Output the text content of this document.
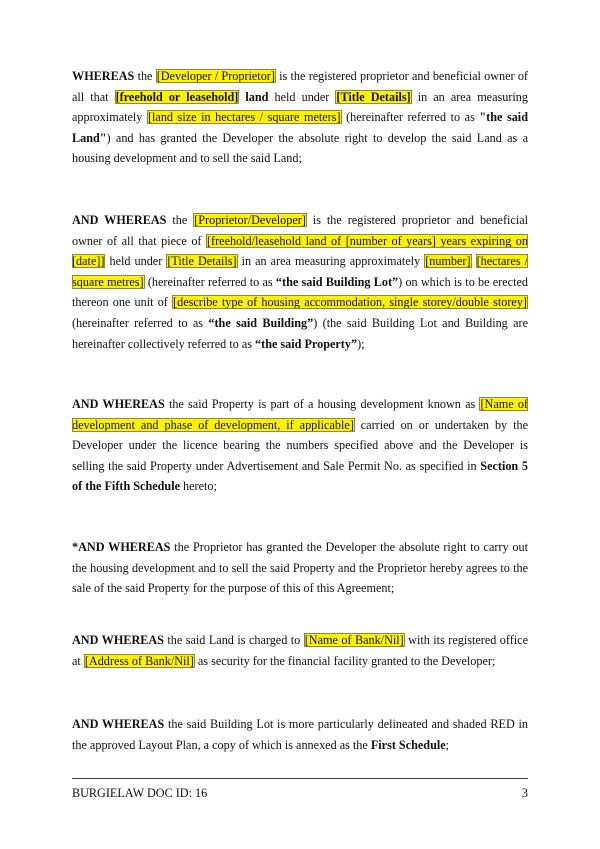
WHEREAS the [Developer / Proprietor] is the registered proprietor and beneficial owner of all that [freehold or leasehold] land held under [Title Details] in an area measuring approximately [land size in hectares / square meters] (hereinafter referred to as "the said Land") and has granted the Developer the absolute right to develop the said Land as a housing development and to sell the said Land;

AND WHEREAS the [Proprietor/Developer] is the registered proprietor and beneficial owner of all that piece of [freehold/leasehold land of [number of years] years expiring on [date]] held under [Title Details] in an area measuring approximately [number] [hectares / square metres] (hereinafter referred to as “the said Building Lot”) on which is to be erected thereon one unit of [describe type of housing accommodation, single storey/double storey] (hereinafter referred to as “the said Building”) (the said Building Lot and Building are hereinafter collectively referred to as “the said Property”);

AND WHEREAS the said Property is part of a housing development known as [Name of development and phase of development, if applicable] carried on or undertaken by the Developer under the licence bearing the numbers specified above and the Developer is selling the said Property under Advertisement and Sale Permit No. as specified in Section 5 of the Fifth Schedule hereto;

*AND WHEREAS the Proprietor has granted the Developer the absolute right to carry out the housing development and to sell the said Property and the Proprietor hereby agrees to the sale of the said Property for the purpose of this of this Agreement;

AND WHEREAS the said Land is charged to [Name of Bank/Nil] with its registered office at [Address of Bank/Nil] as security for the financial facility granted to the Developer;

AND WHEREAS the said Building Lot is more particularly delineated and shaded RED in the approved Layout Plan, a copy of which is annexed as the First Schedule;

BURGIELAW DOC ID: 16	3
